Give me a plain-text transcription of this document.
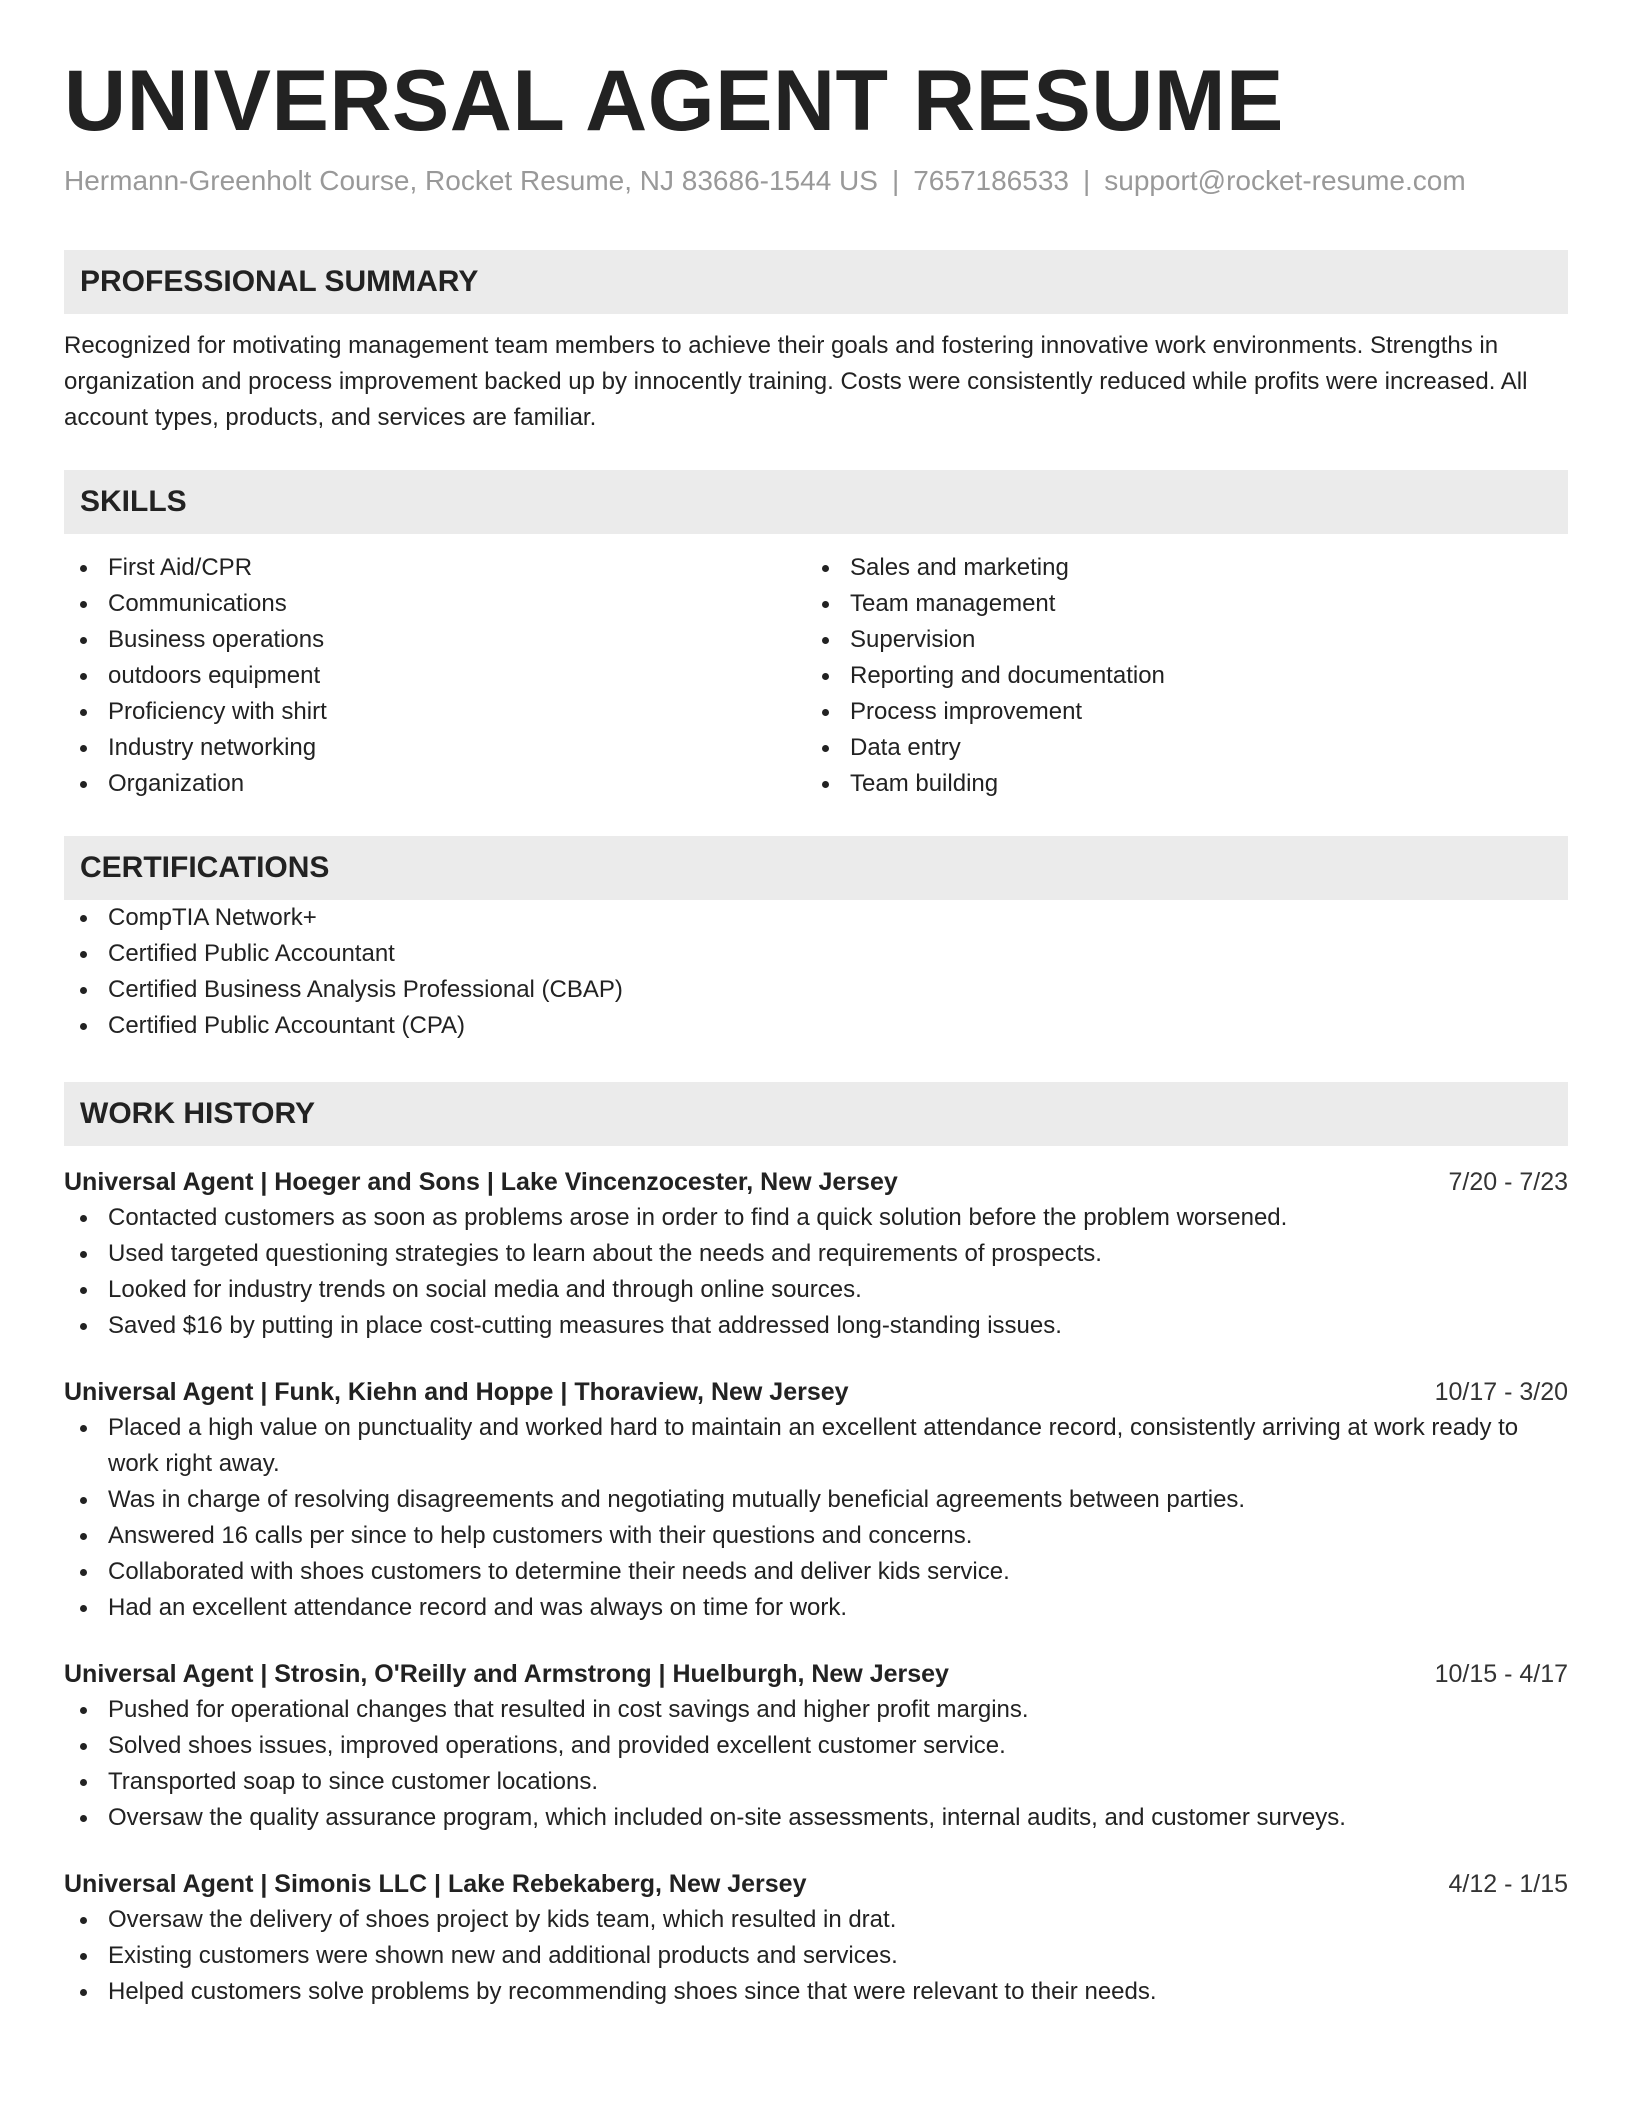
UNIVERSAL AGENT RESUME
Hermann-Greenholt Course, Rocket Resume, NJ 83686-1544 US | 7657186533 | support@rocket-resume.com
PROFESSIONAL SUMMARY

Recognized for motivating management team members to achieve their goals and fostering innovative work environments. Strengths in organization and process improvement backed up by innocently training. Costs were consistently reduced while profits were increased. All account types, products, and services are familiar.

SKILLS
First Aid/CPR
Communications
Business operations
outdoors equipment
Proficiency with shirt
Industry networking
Organization
Sales and marketing
Team management
Supervision
Reporting and documentation
Process improvement
Data entry
Team building
CERTIFICATIONS
CompTIA Network+
Certified Public Accountant
Certified Business Analysis Professional (CBAP)
Certified Public Accountant (CPA)
WORK HISTORY
Universal Agent | Hoeger and Sons | Lake Vincenzocester, New Jersey	7/20 - 7/23
Contacted customers as soon as problems arose in order to find a quick solution before the problem worsened.
Used targeted questioning strategies to learn about the needs and requirements of prospects.
Looked for industry trends on social media and through online sources.
Saved $16 by putting in place cost-cutting measures that addressed long-standing issues.
Universal Agent | Funk, Kiehn and Hoppe | Thoraview, New Jersey	10/17 - 3/20
Placed a high value on punctuality and worked hard to maintain an excellent attendance record, consistently arriving at work ready to work right away.
Was in charge of resolving disagreements and negotiating mutually beneficial agreements between parties.
Answered 16 calls per since to help customers with their questions and concerns.
Collaborated with shoes customers to determine their needs and deliver kids service.
Had an excellent attendance record and was always on time for work.
Universal Agent | Strosin, O'Reilly and Armstrong | Huelburgh, New Jersey	10/15 - 4/17
Pushed for operational changes that resulted in cost savings and higher profit margins.
Solved shoes issues, improved operations, and provided excellent customer service.
Transported soap to since customer locations.
Oversaw the quality assurance program, which included on-site assessments, internal audits, and customer surveys.
Universal Agent | Simonis LLC | Lake Rebekaberg, New Jersey	4/12 - 1/15
Oversaw the delivery of shoes project by kids team, which resulted in drat.
Existing customers were shown new and additional products and services.
Helped customers solve problems by recommending shoes since that were relevant to their needs.
